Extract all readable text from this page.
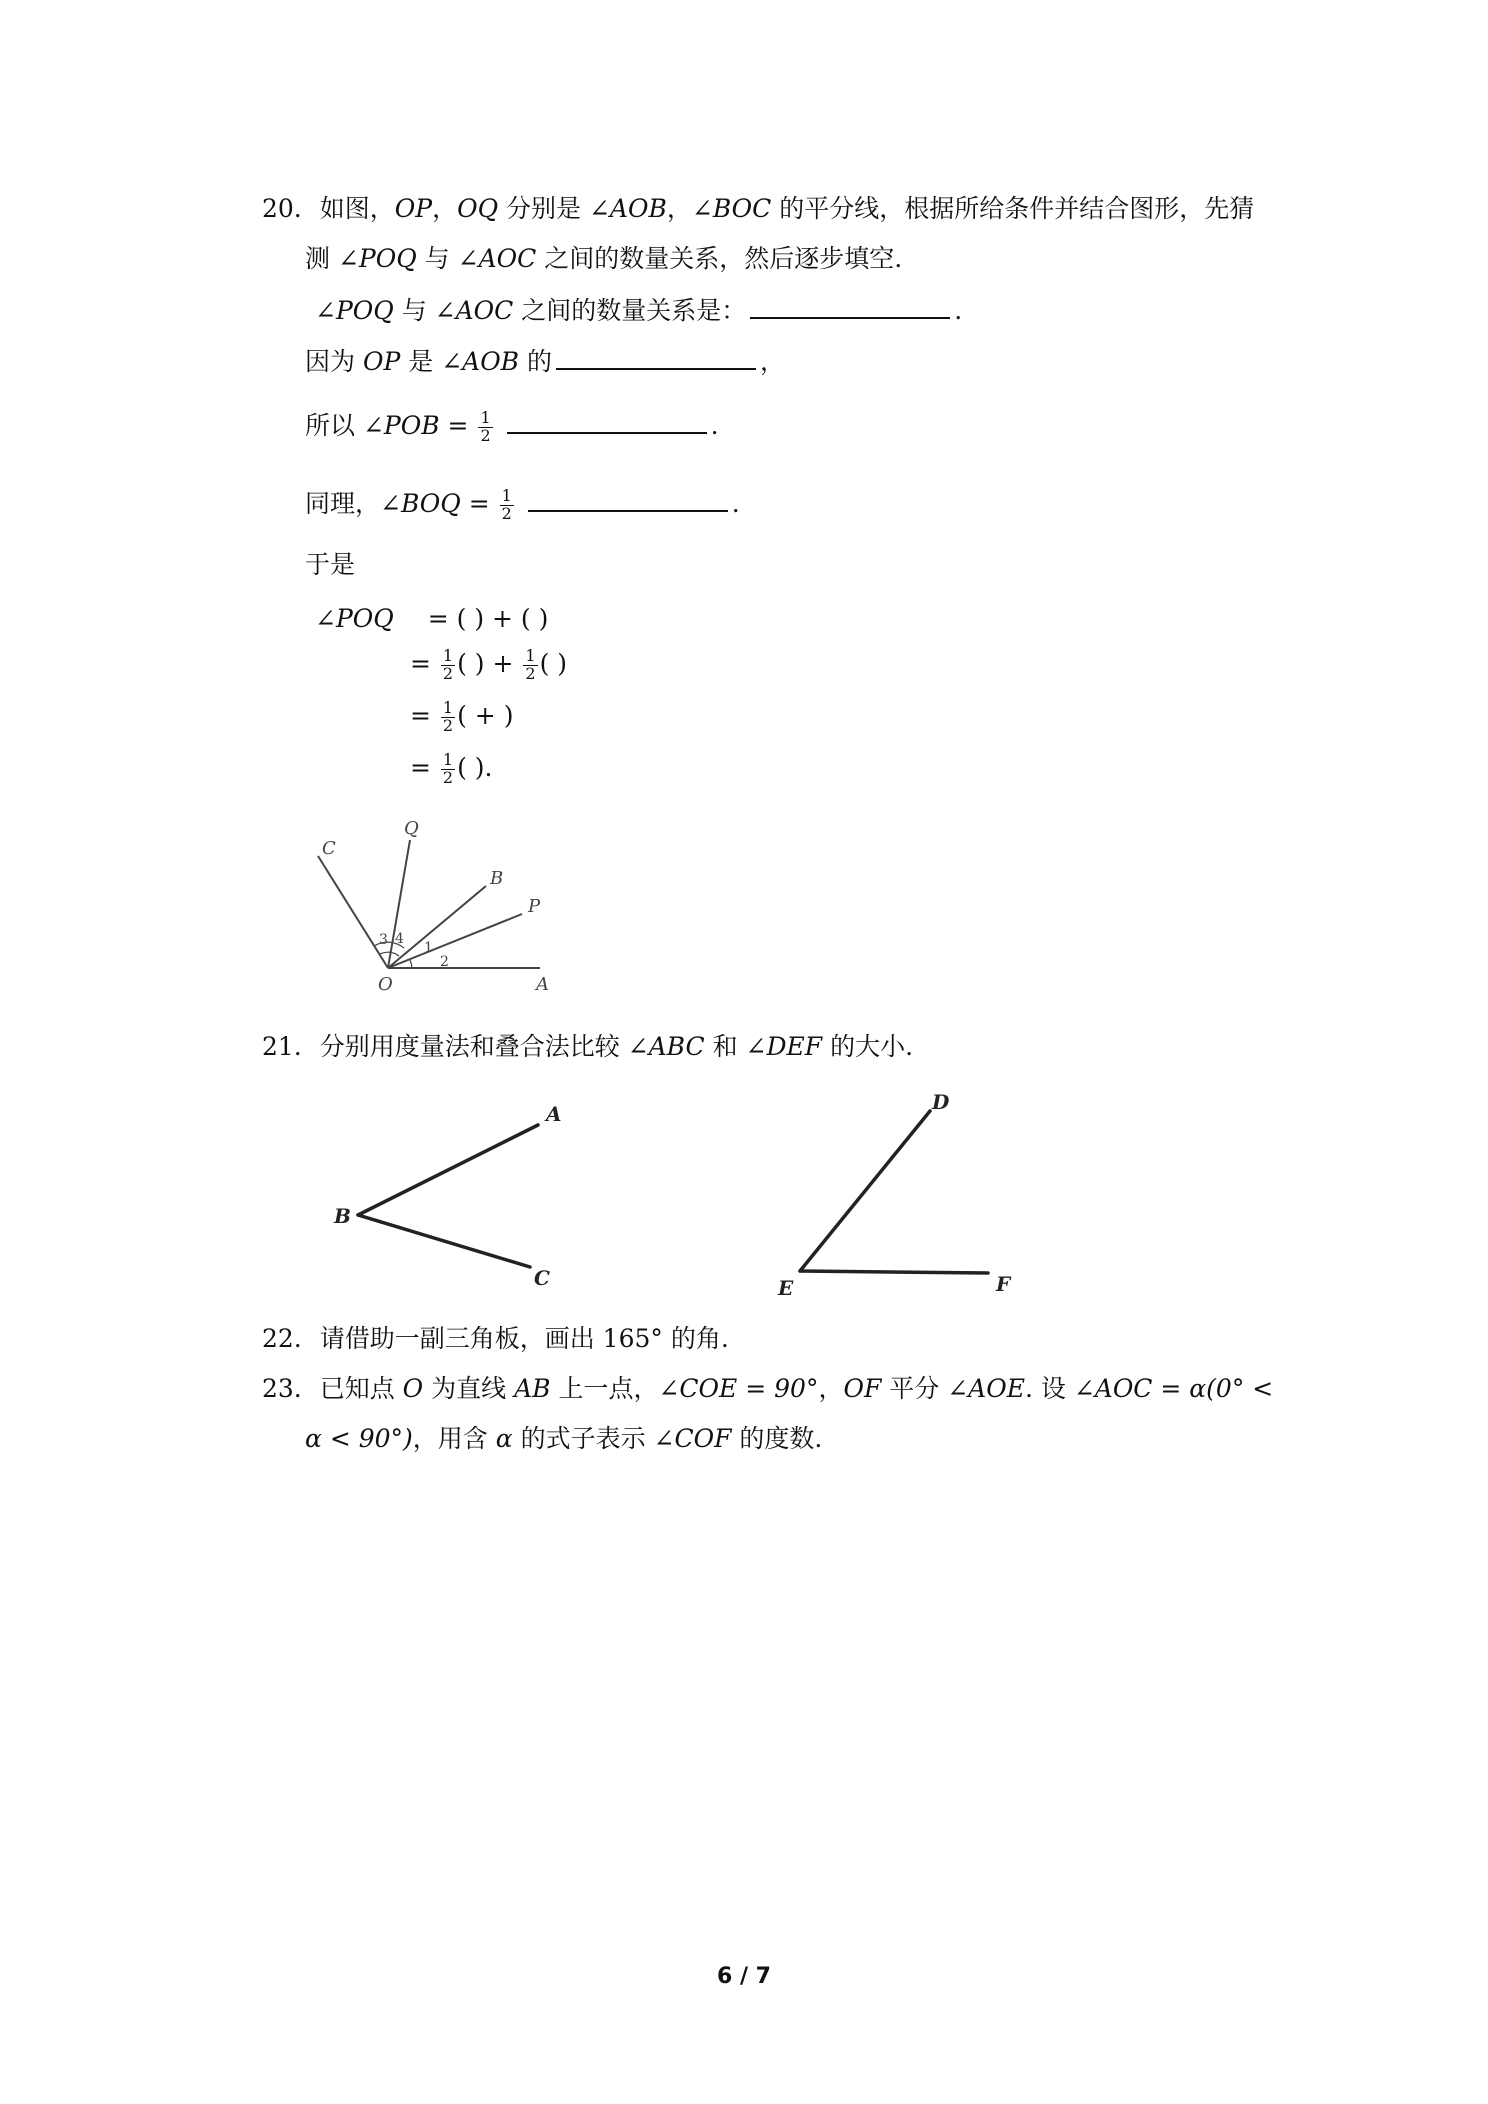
20. 如图，OP，OQ 分别是 ∠AOB，∠BOC 的平分线，根据所给条件并结合图形，先猜
测 ∠POQ 与 ∠AOC 之间的数量关系，然后逐步填空.
∠POQ 与 ∠AOC 之间的数量关系是：	.
因为 OP 是 ∠AOB 的	，
所以 ∠POB = $\frac{1}{2}$	.
同理，∠BOQ = $\frac{1}{2}$	.
于是
∠POQ = ( ) + ( )
= $\frac{1}{2}$ ( ) + $\frac{1}{2}$ ( )
= $\frac{1}{2}$ ( + )
= $\frac{1}{2}$ ( ).
C
Q
B
P
O	A
3 4
1
2
21. 分别用度量法和叠合法比较 ∠ABC 和 ∠DEF 的大小.
A
B
C
D
E	F
22. 请借助一副三角板，画出 165° 的角.
23. 已知点 O 为直线 AB 上一点，∠COE = 90°，OF 平分 ∠AOE. 设 ∠AOC = α(0° <
α < 90°)，用含 α 的式子表示 ∠COF 的度数.
6 / 7
